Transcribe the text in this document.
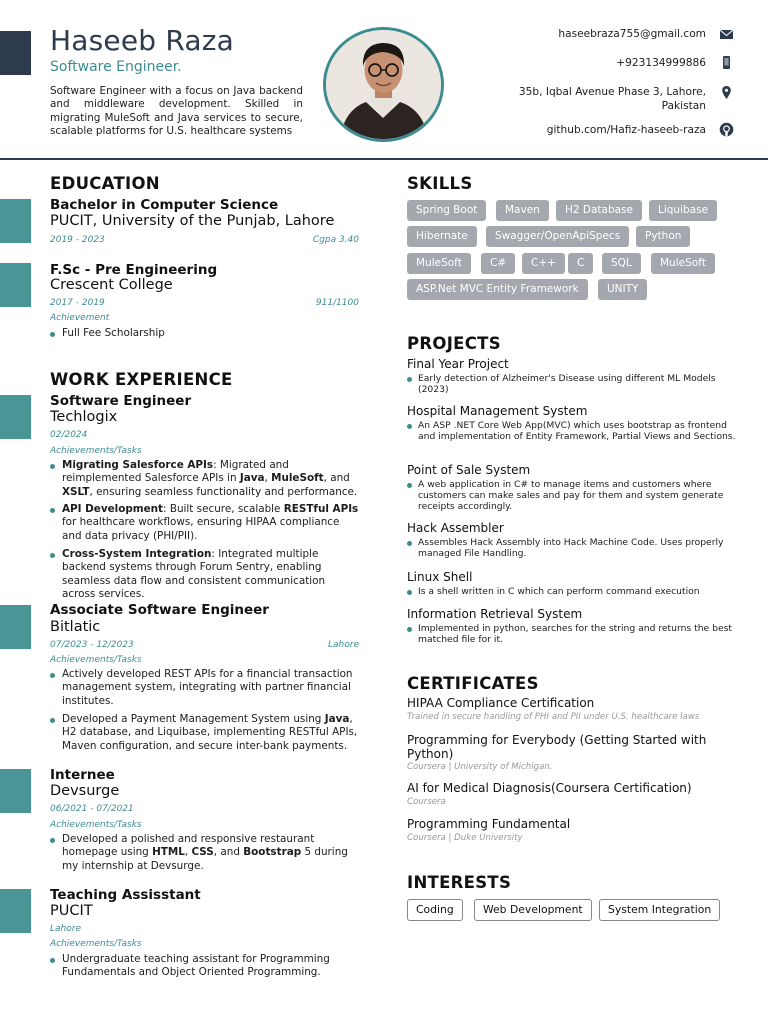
Haseeb Raza
Software Engineer.

Software Engineer with a focus on Java backend and middleware development. Skilled in migrating MuleSoft and Java services to secure, scalable platforms for U.S. healthcare systems

haseebraza755@gmail.com
+923134999886
35b, Iqbal Avenue Phase 3, Lahore,
Pakistan
github.com/Hafiz-haseeb-raza
EDUCATION
Bachelor in Computer Science
PUCIT, University of the Punjab, Lahore
2019 - 2023	Cgpa 3.40
F.Sc - Pre Engineering
Crescent College
2017 - 2019	911/1100
Achievement
Full Fee Scholarship
WORK EXPERIENCE
Software Engineer
Techlogix
02/2024
Achievements/Tasks
Migrating Salesforce APIs: Migrated and reimplemented Salesforce APIs in Java, MuleSoft, and XSLT, ensuring seamless functionality and performance.
API Development: Built secure, scalable RESTful APIs for healthcare workflows, ensuring HIPAA compliance and data privacy (PHI/PII).
Cross-System Integration: Integrated multiple backend systems through Forum Sentry, enabling seamless data flow and consistent communication across services.
Associate Software Engineer
Bitlatic
07/2023 - 12/2023	Lahore
Achievements/Tasks
Actively developed REST APIs for a financial transaction management system, integrating with partner financial institutes.
Developed a Payment Management System using Java, H2 database, and Liquibase, implementing RESTful APIs, Maven configuration, and secure inter-bank payments.
Internee
Devsurge
06/2021 - 07/2021
Achievements/Tasks
Developed a polished and responsive restaurant homepage using HTML, CSS, and Bootstrap 5 during my internship at Devsurge.
Teaching Assisstant
PUCIT
Lahore
Achievements/Tasks
Undergraduate teaching assistant for Programming Fundamentals and Object Oriented Programming.
SKILLS
Spring Boot	Maven	H2 Database	Liquibase
Hibernate	Swagger/OpenApiSpecs	Python
MuleSoft	C#	C++	C	SQL	MuleSoft
ASP.Net MVC Entity Framework	UNITY
PROJECTS
Final Year Project
Early detection of Alzheimer's Disease using different ML Models (2023)
Hospital Management System
An ASP .NET Core Web App(MVC) which uses bootstrap as frontend and implementation of Entity Framework, Partial Views and Sections.
Point of Sale System
A web application in C# to manage items and customers where customers can make sales and pay for them and system generate receipts accordingly.
Hack Assembler
Assembles Hack Assembly into Hack Machine Code. Uses properly managed File Handling.
Linux Shell
Is a shell written in C which can perform command execution
Information Retrieval System
Implemented in python, searches for the string and returns the best matched file for it.
CERTIFICATES
HIPAA Compliance Certification
Trained in secure handling of PHI and PII under U.S. healthcare laws
Programming for Everybody (Getting Started with Python)
Coursera | University of Michigan.
AI for Medical Diagnosis(Coursera Certification)
Coursera
Programming Fundamental
Coursera | Duke University
INTERESTS
Coding	Web Development	System Integration
